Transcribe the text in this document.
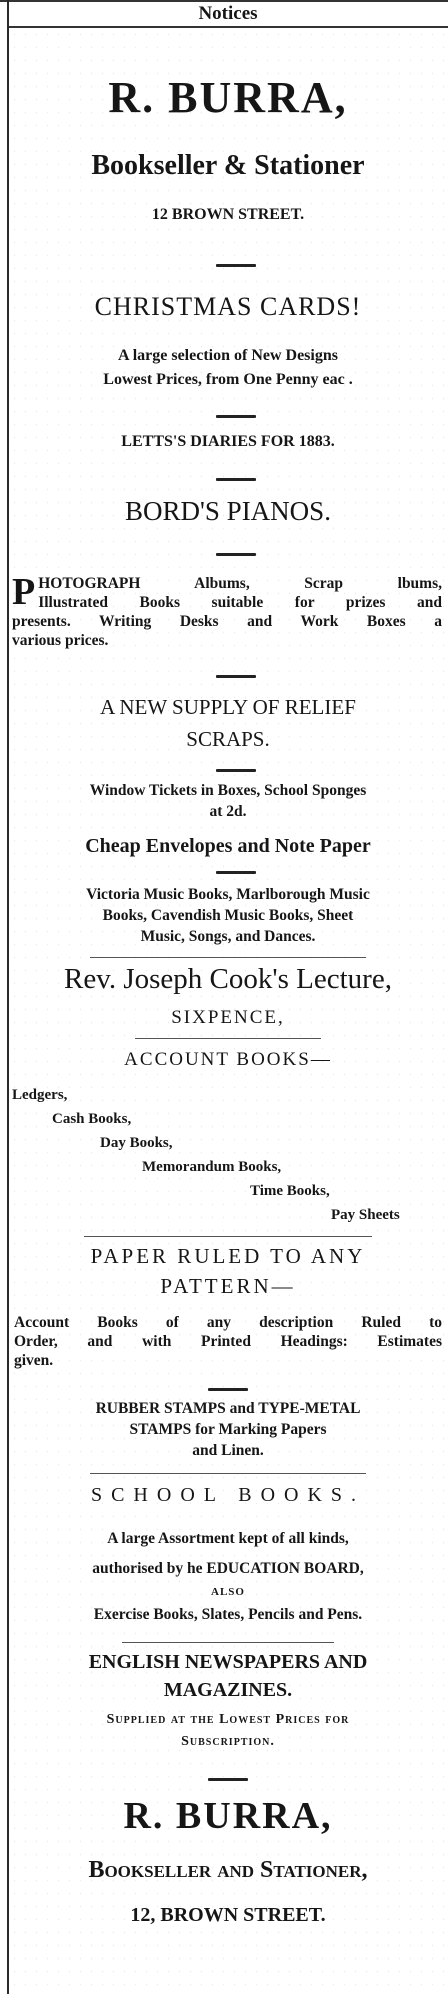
Notices
R. BURRA,
Bookseller & Stationer
12 BROWN STREET.
CHRISTMAS CARDS!
A large selection of New Designs
Lowest Prices, from One Penny eac .
LETTS'S DIARIES FOR 1883.
BORD'S PIANOS.
P HOTOGRAPH Albums, Scrap lbums,
Illustrated Books suitable for prizes and
presents. Writing Desks and Work Boxes a
various prices.
A NEW SUPPLY OF RELIEF
SCRAPS.
Window Tickets in Boxes, School Sponges
at 2d.
Cheap Envelopes and Note Paper
Victoria Music Books, Marlborough Music
Books, Cavendish Music Books, Sheet
Music, Songs, and Dances.
Rev. Joseph Cook's Lecture,
SIXPENCE,
ACCOUNT BOOKS—
Ledgers,
Cash Books,
Day Books,
Memorandum Books,
Time Books,
Pay Sheets
PAPER RULED TO ANY
PATTERN—
Account Books of any description Ruled to
Order, and with Printed Headings: Estimates
given.
RUBBER STAMPS and TYPE-METAL
STAMPS for Marking Papers
and Linen.
SCHOOL BOOKS.
A large Assortment kept of all kinds,
authorised by he EDUCATION BOARD,
ALSO
Exercise Books, Slates, Pencils and Pens.
ENGLISH NEWSPAPERS AND
MAGAZINES.
Supplied at the Lowest Prices for
Subscription.
R. BURRA,
Bookseller and Stationer,
12, BROWN STREET.
